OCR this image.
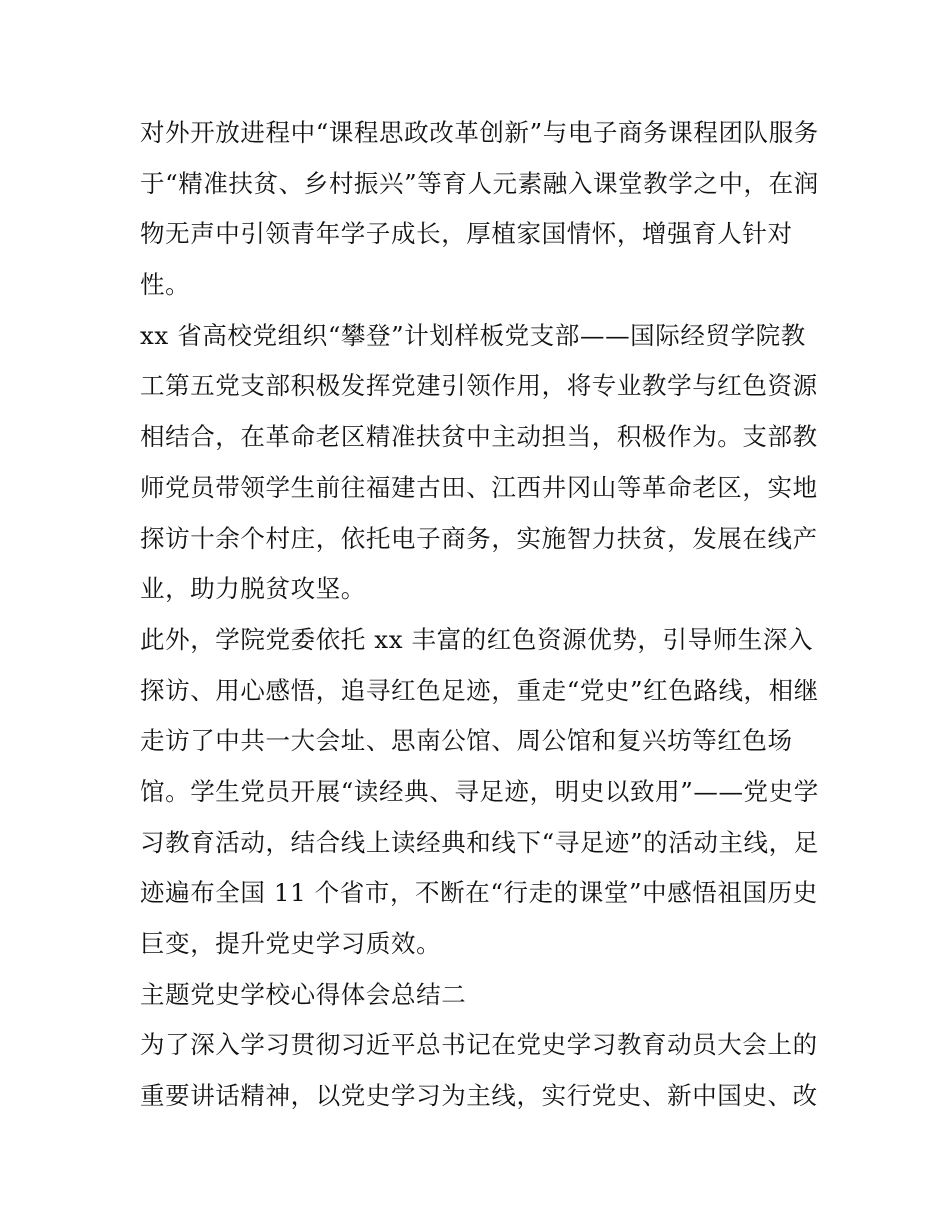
对外开放进程中“课程思政改革创新”与电子商务课程团队服务
于“精准扶贫、乡村振兴”等育人元素融入课堂教学之中，在润
物无声中引领青年学子成长，厚植家国情怀，增强育人针对
性。
xx 省高校党组织“攀登”计划样板党支部——国际经贸学院教
工第五党支部积极发挥党建引领作用，将专业教学与红色资源
相结合，在革命老区精准扶贫中主动担当，积极作为。支部教
师党员带领学生前往福建古田、江西井冈山等革命老区，实地
探访十余个村庄，依托电子商务，实施智力扶贫，发展在线产
业，助力脱贫攻坚。
此外，学院党委依托 xx 丰富的红色资源优势，引导师生深入
探访、用心感悟，追寻红色足迹，重走“党史”红色路线，相继
走访了中共一大会址、思南公馆、周公馆和复兴坊等红色场
馆。学生党员开展“读经典、寻足迹，明史以致用”——党史学
习教育活动，结合线上读经典和线下“寻足迹”的活动主线，足
迹遍布全国 11 个省市，不断在“行走的课堂”中感悟祖国历史
巨变，提升党史学习质效。
主题党史学校心得体会总结二
为了深入学习贯彻习近平总书记在党史学习教育动员大会上的
重要讲话精神，以党史学习为主线，实行党史、新中国史、改
